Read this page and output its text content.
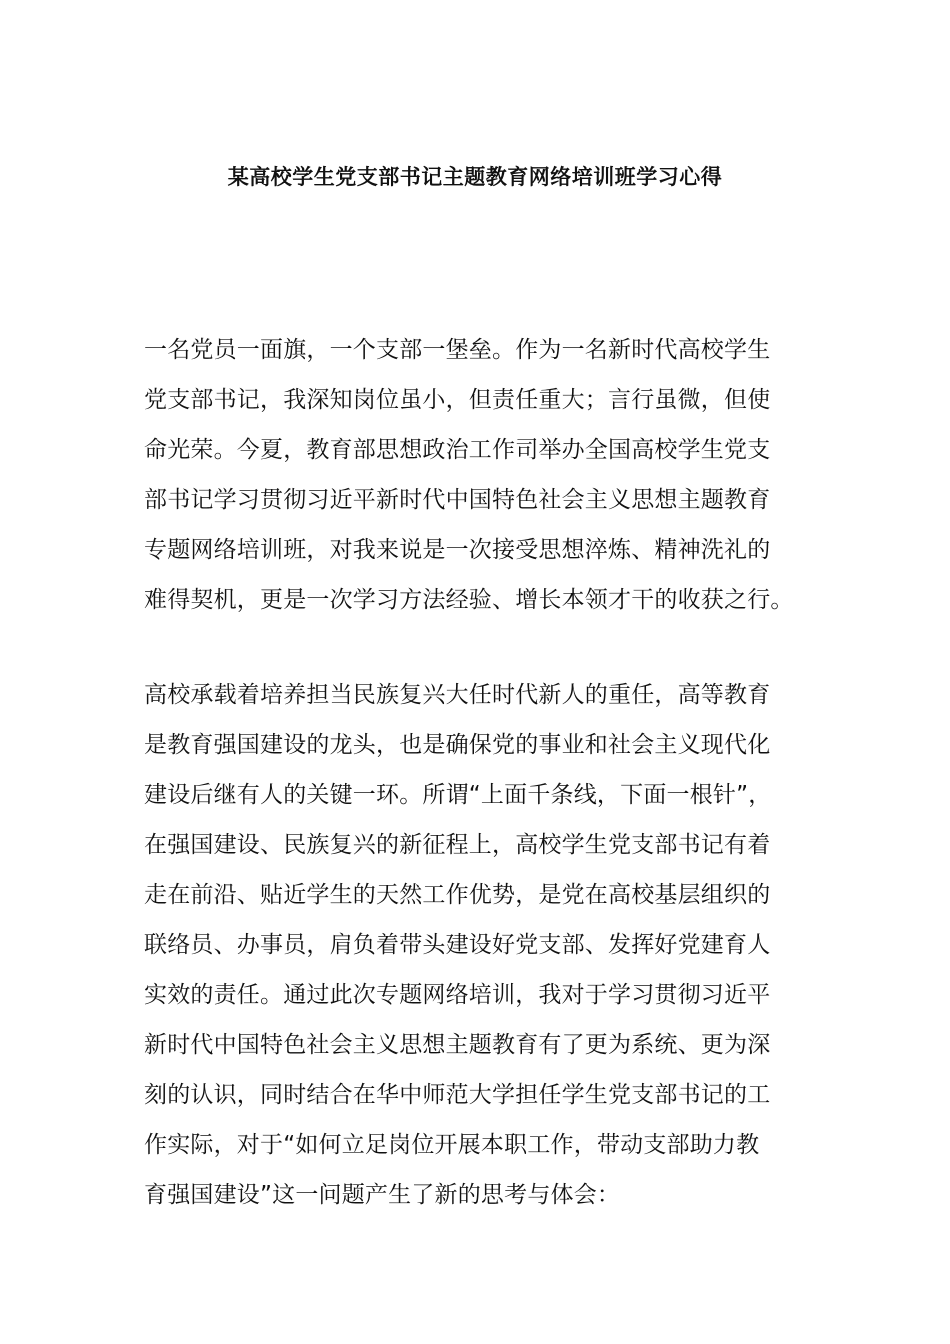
某高校学生党支部书记主题教育网络培训班学习心得
一名党员一面旗，一个支部一堡垒。作为一名新时代高校学生
党支部书记，我深知岗位虽小，但责任重大；言行虽微，但使
命光荣。今夏，教育部思想政治工作司举办全国高校学生党支
部书记学习贯彻习近平新时代中国特色社会主义思想主题教育
专题网络培训班，对我来说是一次接受思想淬炼、精神洗礼的
难得契机，更是一次学习方法经验、增长本领才干的收获之行。
高校承载着培养担当民族复兴大任时代新人的重任，高等教育
是教育强国建设的龙头，也是确保党的事业和社会主义现代化
建设后继有人的关键一环。所谓“上面千条线，下面一根针”，
在强国建设、民族复兴的新征程上，高校学生党支部书记有着
走在前沿、贴近学生的天然工作优势，是党在高校基层组织的
联络员、办事员，肩负着带头建设好党支部、发挥好党建育人
实效的责任。通过此次专题网络培训，我对于学习贯彻习近平
新时代中国特色社会主义思想主题教育有了更为系统、更为深
刻的认识，同时结合在华中师范大学担任学生党支部书记的工
作实际，对于“如何立足岗位开展本职工作，带动支部助力教
育强国建设”这一问题产生了新的思考与体会：
